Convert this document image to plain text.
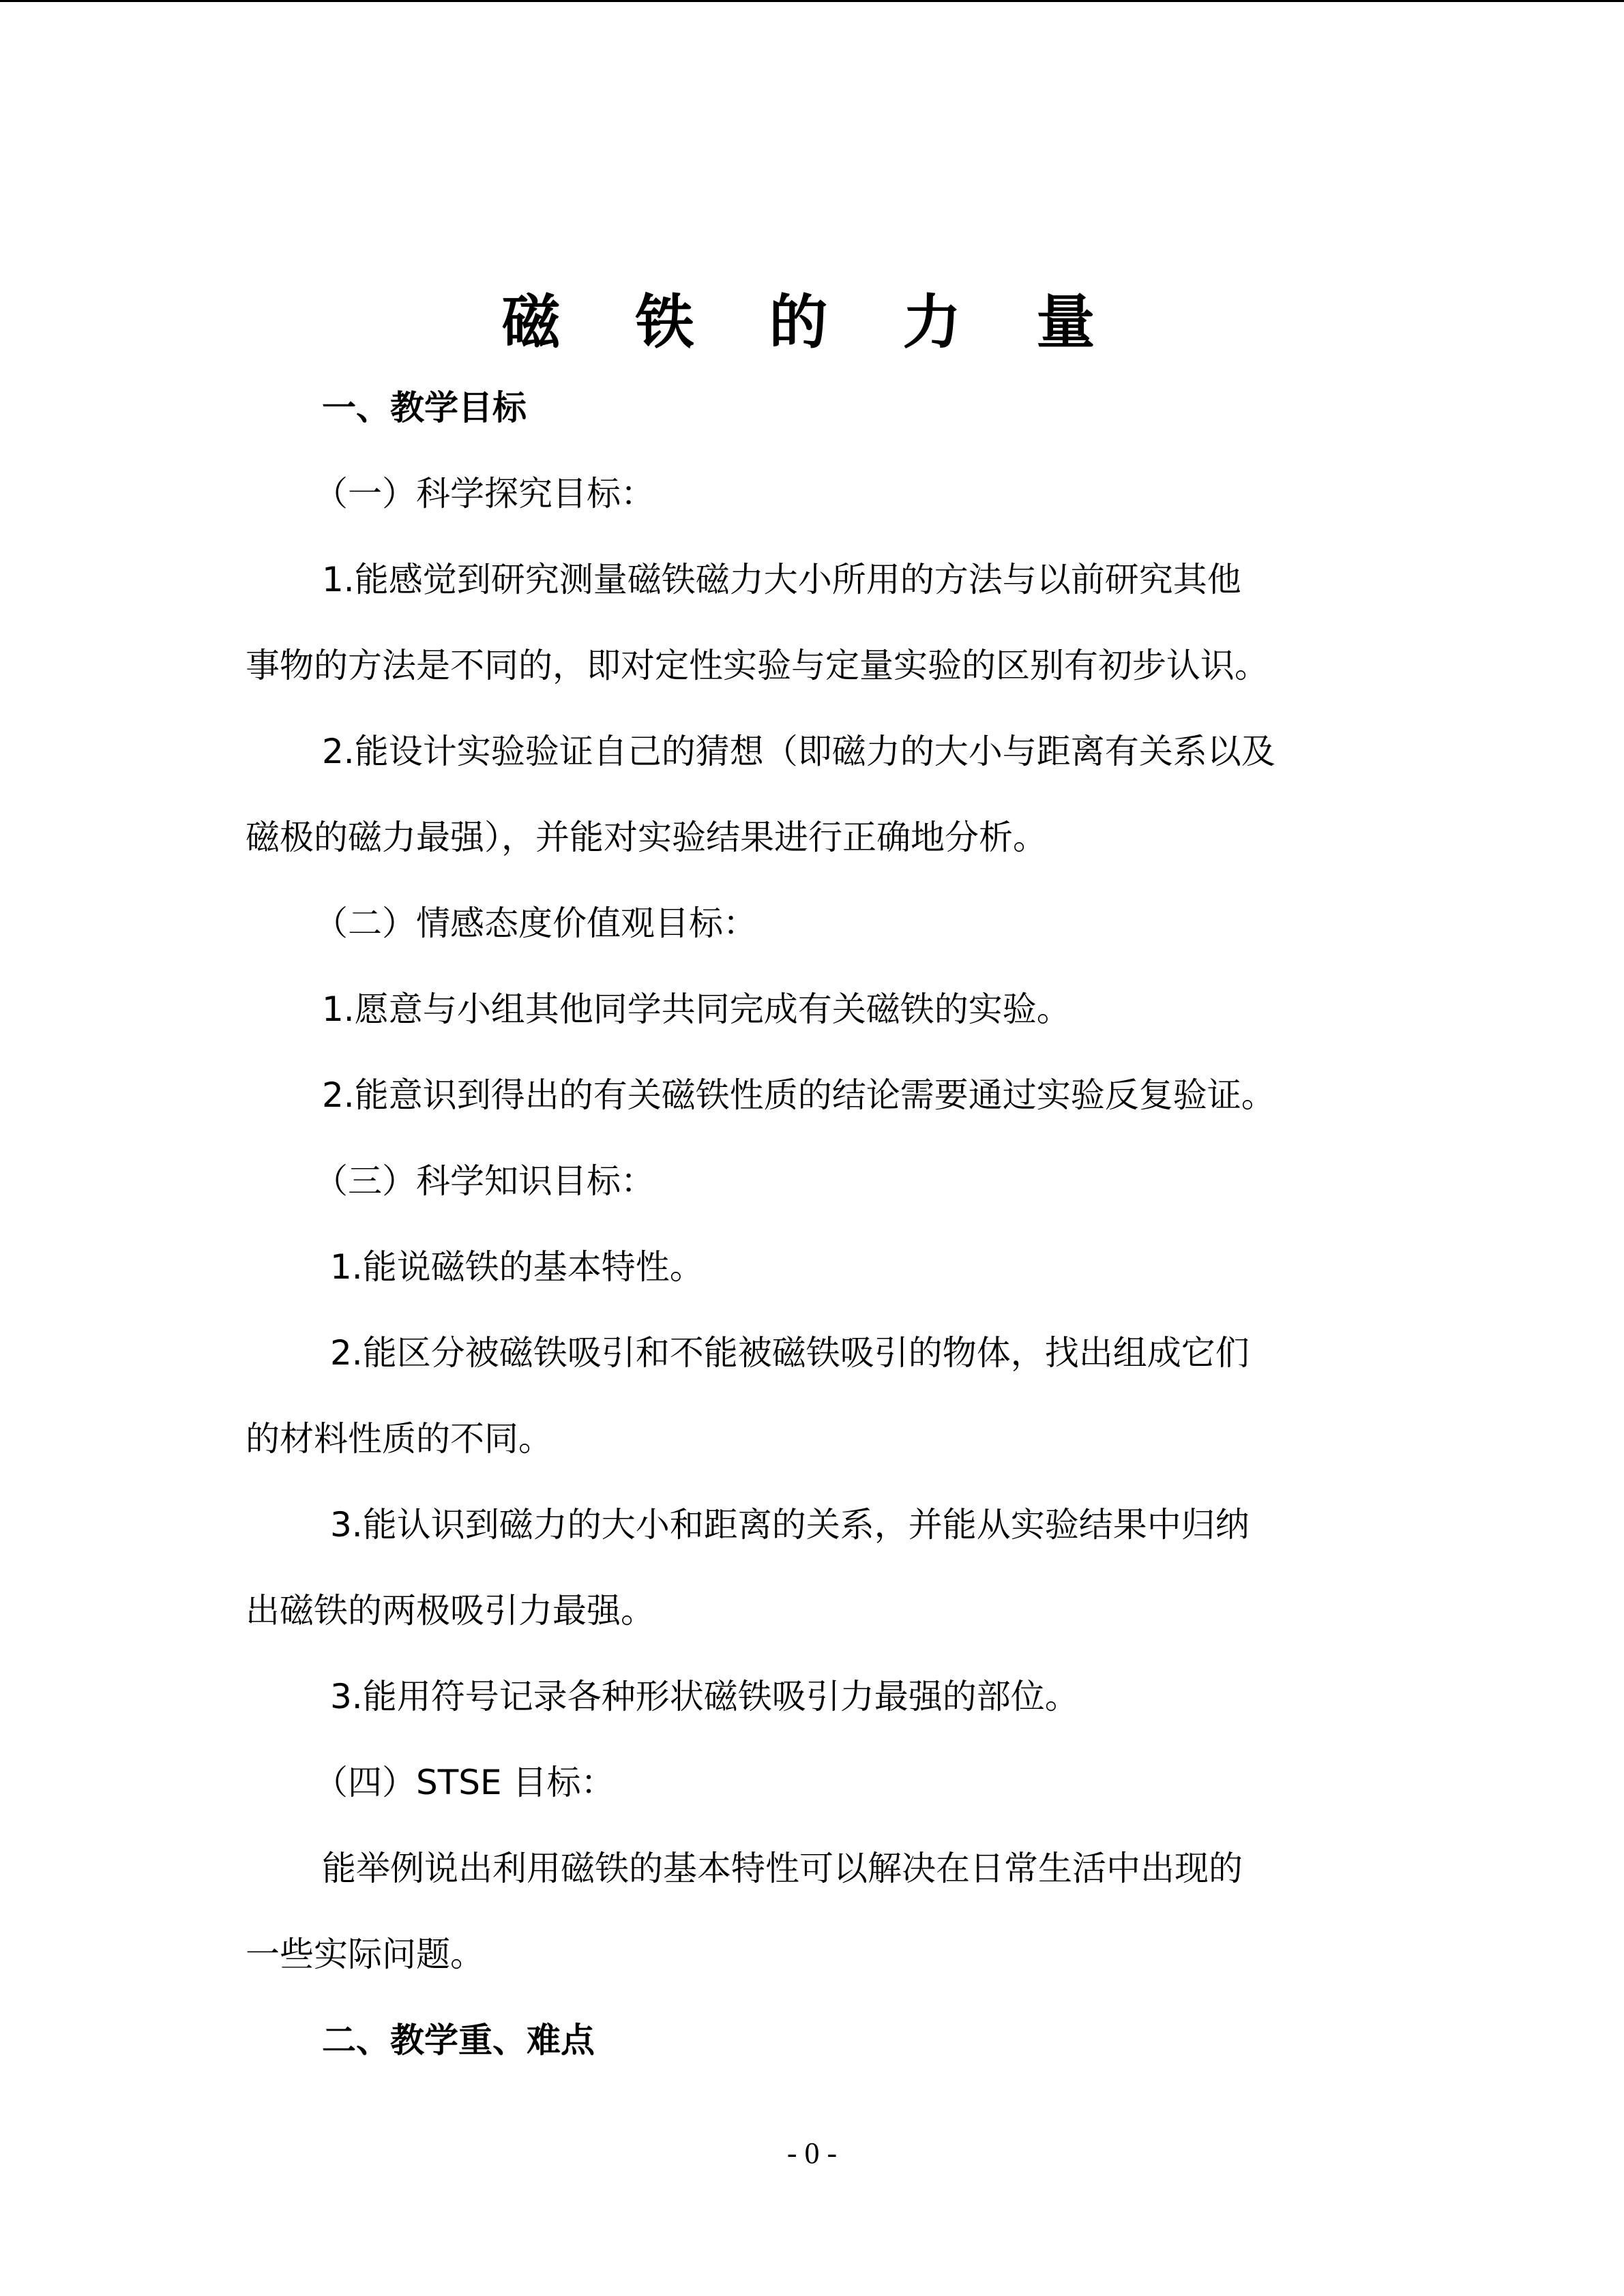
磁 铁 的 力 量
一、教学目标
（一）科学探究目标：
1.能感觉到研究测量磁铁磁力大小所用的方法与以前研究其他
事物的方法是不同的，即对定性实验与定量实验的区别有初步认识。
2.能设计实验验证自己的猜想（即磁力的大小与距离有关系以及
磁极的磁力最强），并能对实验结果进行正确地分析。
（二）情感态度价值观目标：
1.愿意与小组其他同学共同完成有关磁铁的实验。
2.能意识到得出的有关磁铁性质的结论需要通过实验反复验证。
（三）科学知识目标：
1.能说磁铁的基本特性。
2.能区分被磁铁吸引和不能被磁铁吸引的物体，找出组成它们
的材料性质的不同。
3.能认识到磁力的大小和距离的关系，并能从实验结果中归纳
出磁铁的两极吸引力最强。
3.能用符号记录各种形状磁铁吸引力最强的部位。
（四）STSE 目标：
能举例说出利用磁铁的基本特性可以解决在日常生活中出现的
一些实际问题。
二、教学重、难点
- 0 -
